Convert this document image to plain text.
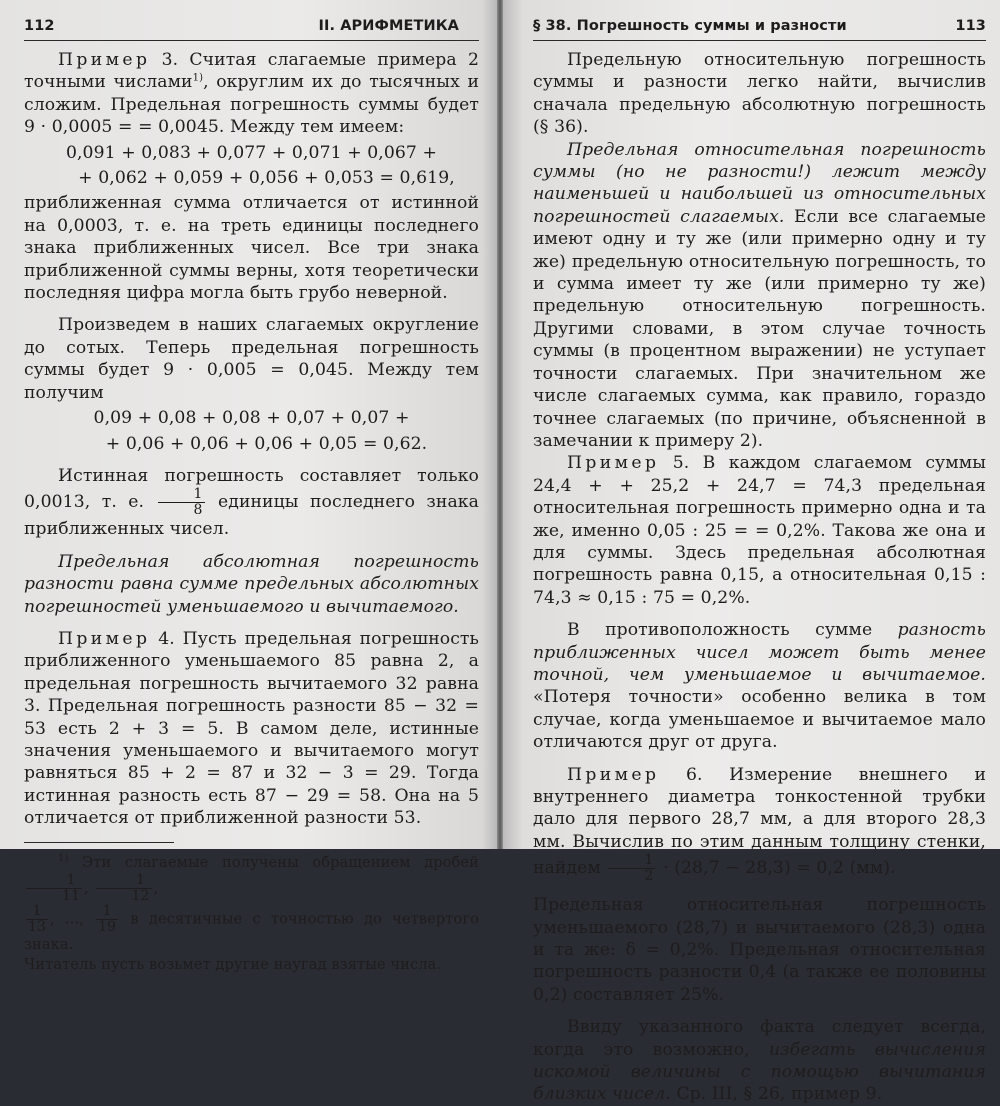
112	II. АРИФМЕТИКА

Пример 3. Считая слагаемые примера 2 точными числами$^{1)}$, округлим их до тысячных и сложим. Предельная погрешность суммы будет 9 · 0,0005 = = 0,0045. Между тем имеем:

0,091 + 0,083 + 0,077 + 0,071 + 0,067 +
+ 0,062 + 0,059 + 0,056 + 0,053 = 0,619,

приближенная сумма отличается от истинной на 0,0003, т. е. на треть единицы последнего знака приближенных чисел. Все три знака приближенной суммы верны, хотя теоретически последняя цифра могла быть грубо неверной.

Произведем в наших слагаемых округление до сотых. Теперь предельная погрешность суммы будет 9 · 0,005 = 0,045. Между тем получим

0,09 + 0,08 + 0,08 + 0,07 + 0,07 +
+ 0,06 + 0,06 + 0,06 + 0,05 = 0,62.

Истинная погрешность составляет только 0,0013, т. е. $\frac{1}{8}$ единицы последнего знака приближенных чисел.

Предельная абсолютная погрешность разности равна сумме предельных абсолютных погрешностей уменьшаемого и вычитаемого.

Пример 4. Пусть предельная погрешность приближенного уменьшаемого 85 равна 2, а предельная погрешность вычитаемого 32 равна 3. Предельная погрешность разности 85 − 32 = 53 есть 2 + 3 = 5. В самом деле, истинные значения уменьшаемого и вычитаемого могут равняться 85 + 2 = 87 и 32 − 3 = 29. Тогда истинная разность есть 87 − 29 = 58. Она на 5 отличается от приближенной разности 53.

$^{1)}$ Эти слагаемые получены обращением дробей
$\frac{1}{11}$ , $\frac{1}{12}$ ,

$\frac{1}{13}$ , ..., $\frac{1}{19}$ в десятичные с точностью до четвертого знака.

Читатель пусть возьмет другие наугад взятые числа.

§ 38. Погрешность суммы и разности	113

Предельную относительную погрешность суммы и разности легко найти, вычислив сначала предельную абсолютную погрешность (§ 36).

Предельная относительная погрешность суммы (но не разности!) лежит между наименьшей и наибольшей из относительных погрешностей слагаемых. Если все слагаемые имеют одну и ту же (или примерно одну и ту же) предельную относительную погрешность, то и сумма имеет ту же (или примерно ту же) предельную относительную погрешность. Другими словами, в этом случае точность суммы (в процентном выражении) не уступает точности слагаемых. При значительном же числе слагаемых сумма, как правило, гораздо точнее слагаемых (по причине, объясненной в замечании к примеру 2).

Пример 5. В каждом слагаемом суммы 24,4 + + 25,2 + 24,7 = 74,3 предельная относительная погрешность примерно одна и та же, именно 0,05 : 25 = = 0,2%. Такова же она и для суммы. Здесь предельная абсолютная погрешность равна 0,15, а относительная 0,15 : 74,3 ≈ 0,15 : 75 = 0,2%.

В противоположность сумме разность приближенных чисел может быть менее точной, чем уменьшаемое и вычитаемое. «Потеря точности» особенно велика в том случае, когда уменьшаемое и вычитаемое мало отличаются друг от друга.

Пример 6. Измерение внешнего и внутреннего диаметра тонкостенной трубки дало для первого 28,7 мм, а для второго 28,3 мм. Вычислив по этим данным толщину стенки, найдем $\frac{1}{2} \cdot (28,7 - 28,3) = 0,2$ (мм).

Предельная относительная погрешность уменьшаемого (28,7) и вычитаемого (28,3) одна и та же: δ = 0,2%. Предельная относительная погрешность разности 0,4 (а также ее половины 0,2) составляет 25%.

Ввиду указанного факта следует всегда, когда это возможно, избегать вычисления искомой величины с помощью вычитания близких чисел. Ср. III, § 26, пример 9.
